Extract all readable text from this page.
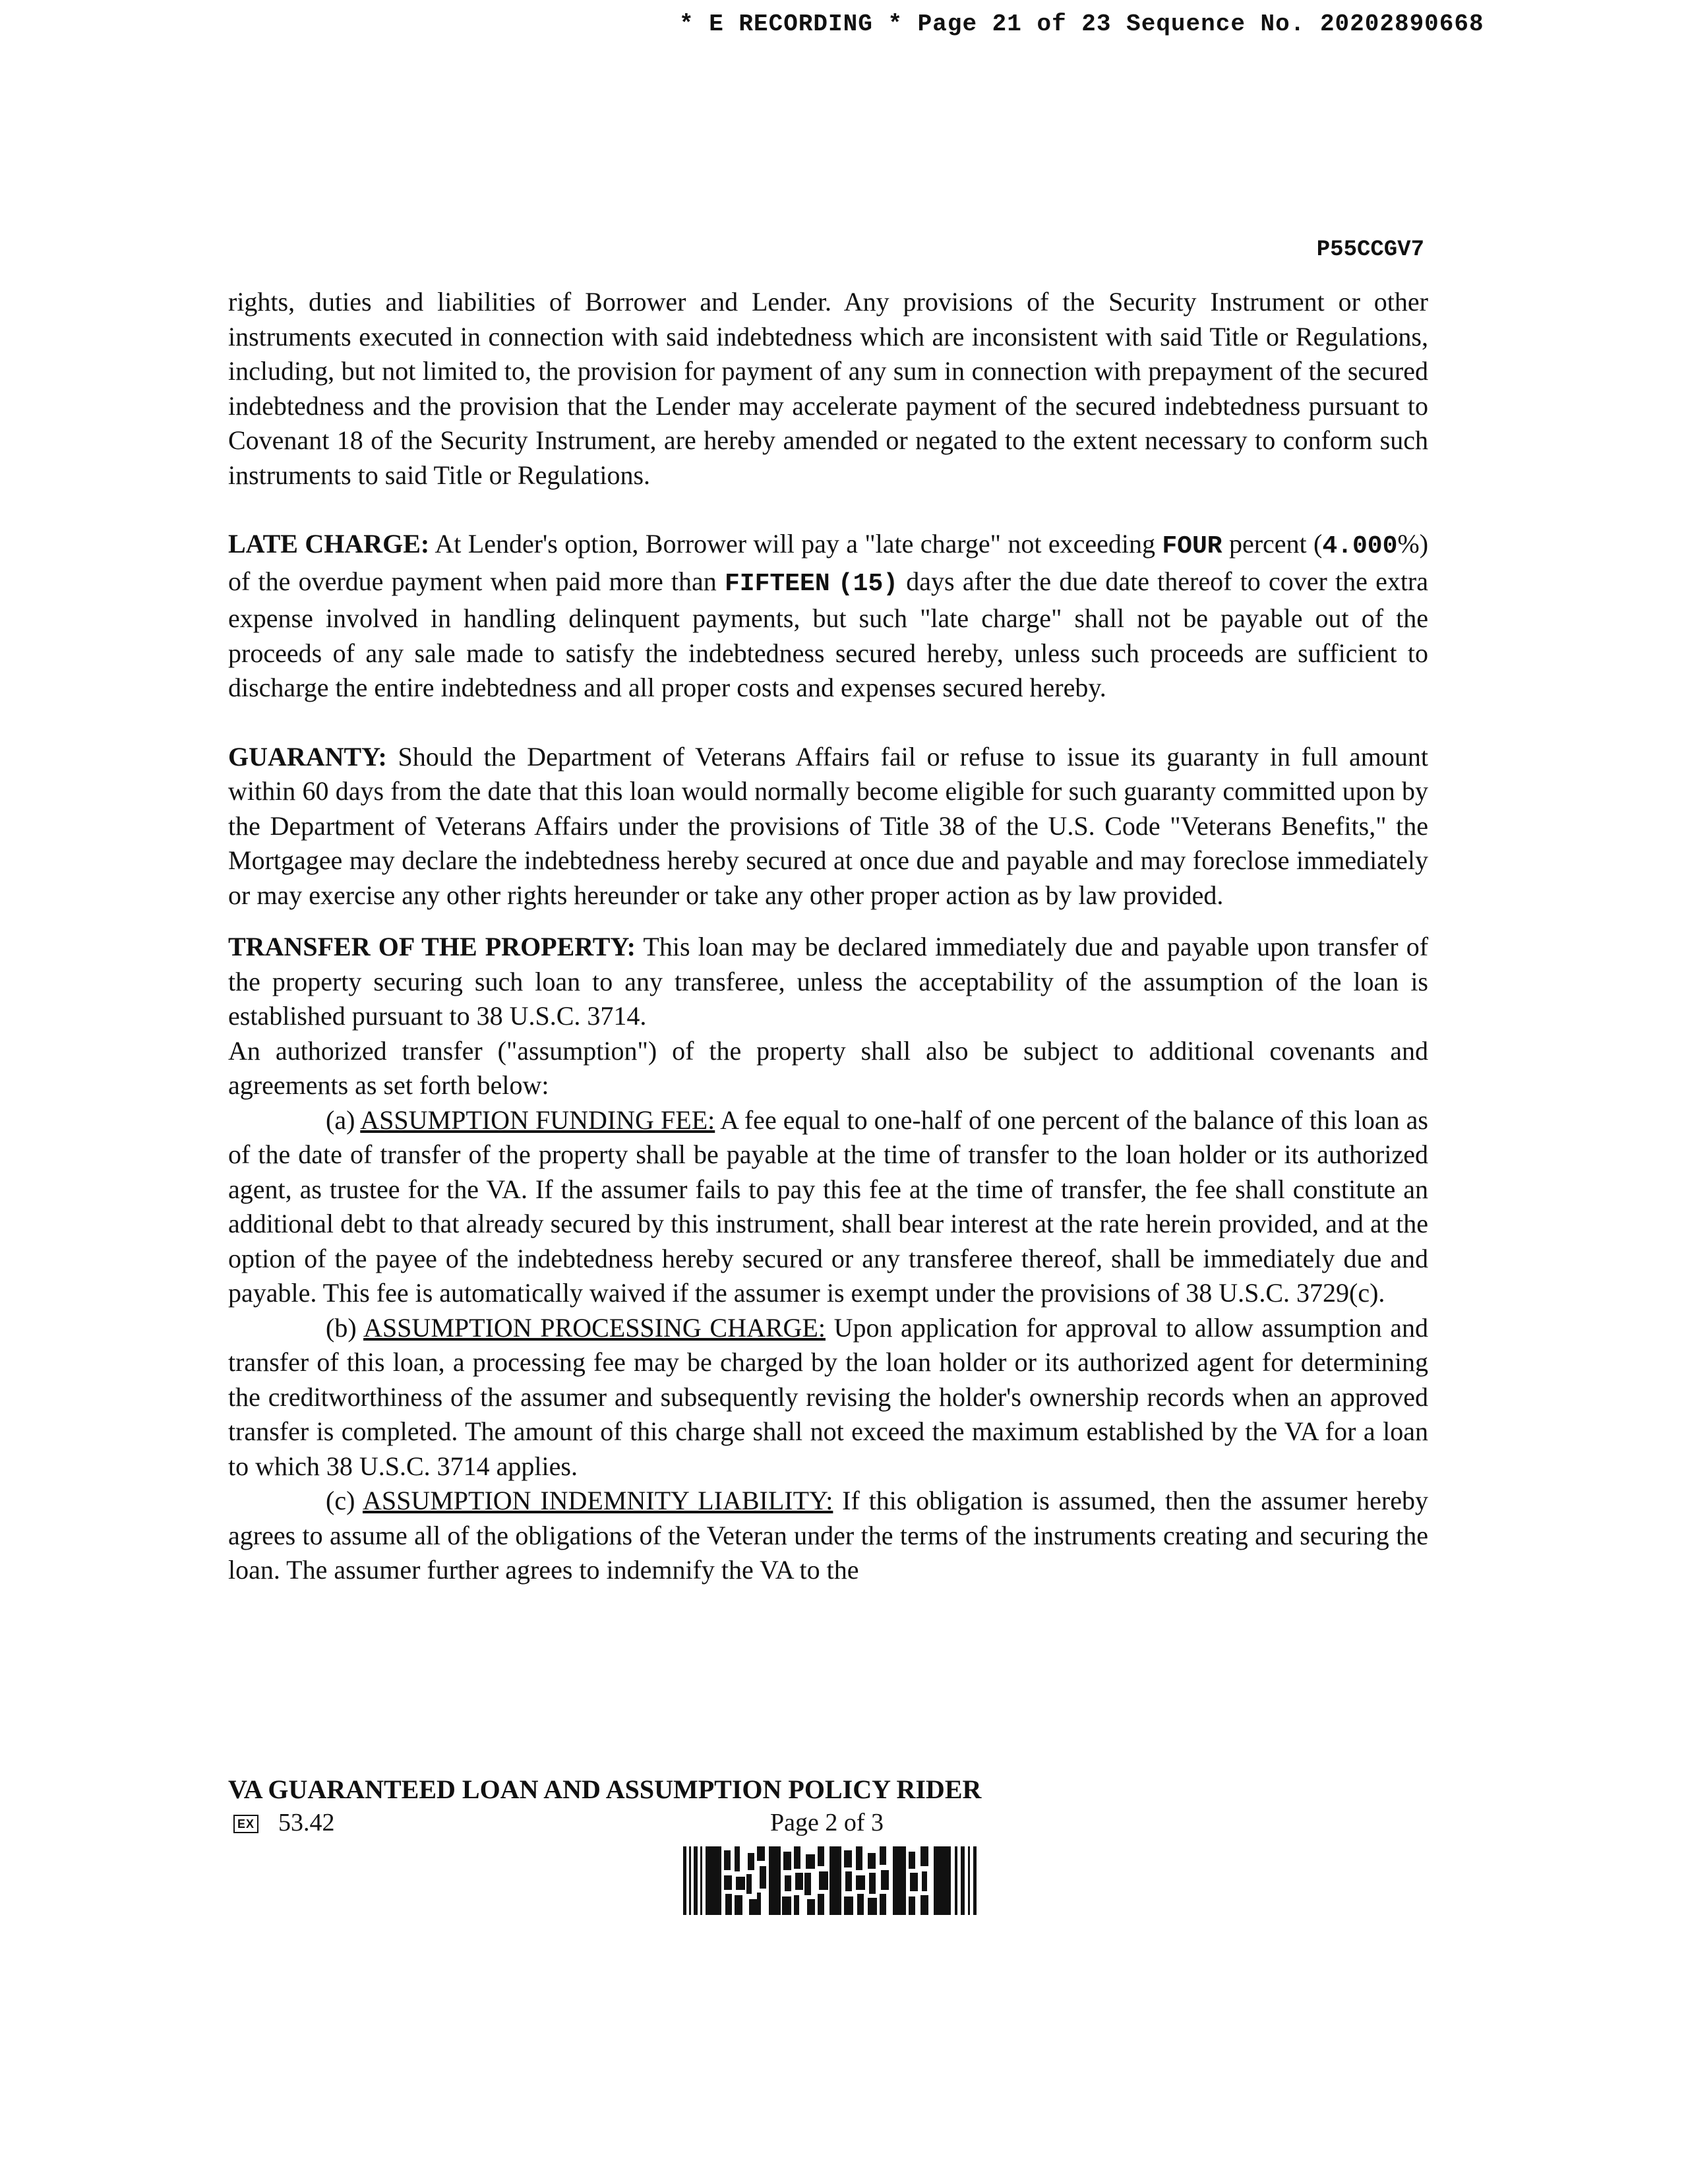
* E RECORDING * Page 21 of 23 Sequence No. 20202890668
P55CCGV7

rights, duties and liabilities of Borrower and Lender. Any provisions of the Security Instrument or other instruments executed in connection with said indebtedness which are inconsistent with said Title or Regulations, including, but not limited to, the provision for payment of any sum in connection with prepayment of the secured indebtedness and the provision that the Lender may accelerate payment of the secured indebtedness pursuant to Covenant 18 of the Security Instrument, are hereby amended or negated to the extent necessary to conform such instruments to said Title or Regulations.

LATE CHARGE: At Lender's option, Borrower will pay a "late charge" not exceeding FOUR percent (4.000%) of the overdue payment when paid more than FIFTEEN (15) days after the due date thereof to cover the extra expense involved in handling delinquent payments, but such "late charge" shall not be payable out of the proceeds of any sale made to satisfy the indebtedness secured hereby, unless such proceeds are sufficient to discharge the entire indebtedness and all proper costs and expenses secured hereby.

GUARANTY: Should the Department of Veterans Affairs fail or refuse to issue its guaranty in full amount within 60 days from the date that this loan would normally become eligible for such guaranty committed upon by the Department of Veterans Affairs under the provisions of Title 38 of the U.S. Code "Veterans Benefits," the Mortgagee may declare the indebtedness hereby secured at once due and payable and may foreclose immediately or may exercise any other rights hereunder or take any other proper action as by law provided.

TRANSFER OF THE PROPERTY: This loan may be declared immediately due and payable upon transfer of the property securing such loan to any transferee, unless the acceptability of the assumption of the loan is established pursuant to 38 U.S.C. 3714.

An authorized transfer ("assumption") of the property shall also be subject to additional covenants and agreements as set forth below:

(a) ASSUMPTION FUNDING FEE: A fee equal to one-half of one percent of the balance of this loan as of the date of transfer of the property shall be payable at the time of transfer to the loan holder or its authorized agent, as trustee for the VA. If the assumer fails to pay this fee at the time of transfer, the fee shall constitute an additional debt to that already secured by this instrument, shall bear interest at the rate herein provided, and at the option of the payee of the indebtedness hereby secured or any transferee thereof, shall be immediately due and payable. This fee is automatically waived if the assumer is exempt under the provisions of 38 U.S.C. 3729(c).

(b) ASSUMPTION PROCESSING CHARGE: Upon application for approval to allow assumption and transfer of this loan, a processing fee may be charged by the loan holder or its authorized agent for determining the creditworthiness of the assumer and subsequently revising the holder's ownership records when an approved transfer is completed. The amount of this charge shall not exceed the maximum established by the VA for a loan to which 38 U.S.C. 3714 applies.

(c) ASSUMPTION INDEMNITY LIABILITY: If this obligation is assumed, then the assumer hereby agrees to assume all of the obligations of the Veteran under the terms of the instruments creating and securing the loan. The assumer further agrees to indemnify the VA to the

VA GUARANTEED LOAN AND ASSUMPTION POLICY RIDER
EX 53.42	Page 2 of 3
